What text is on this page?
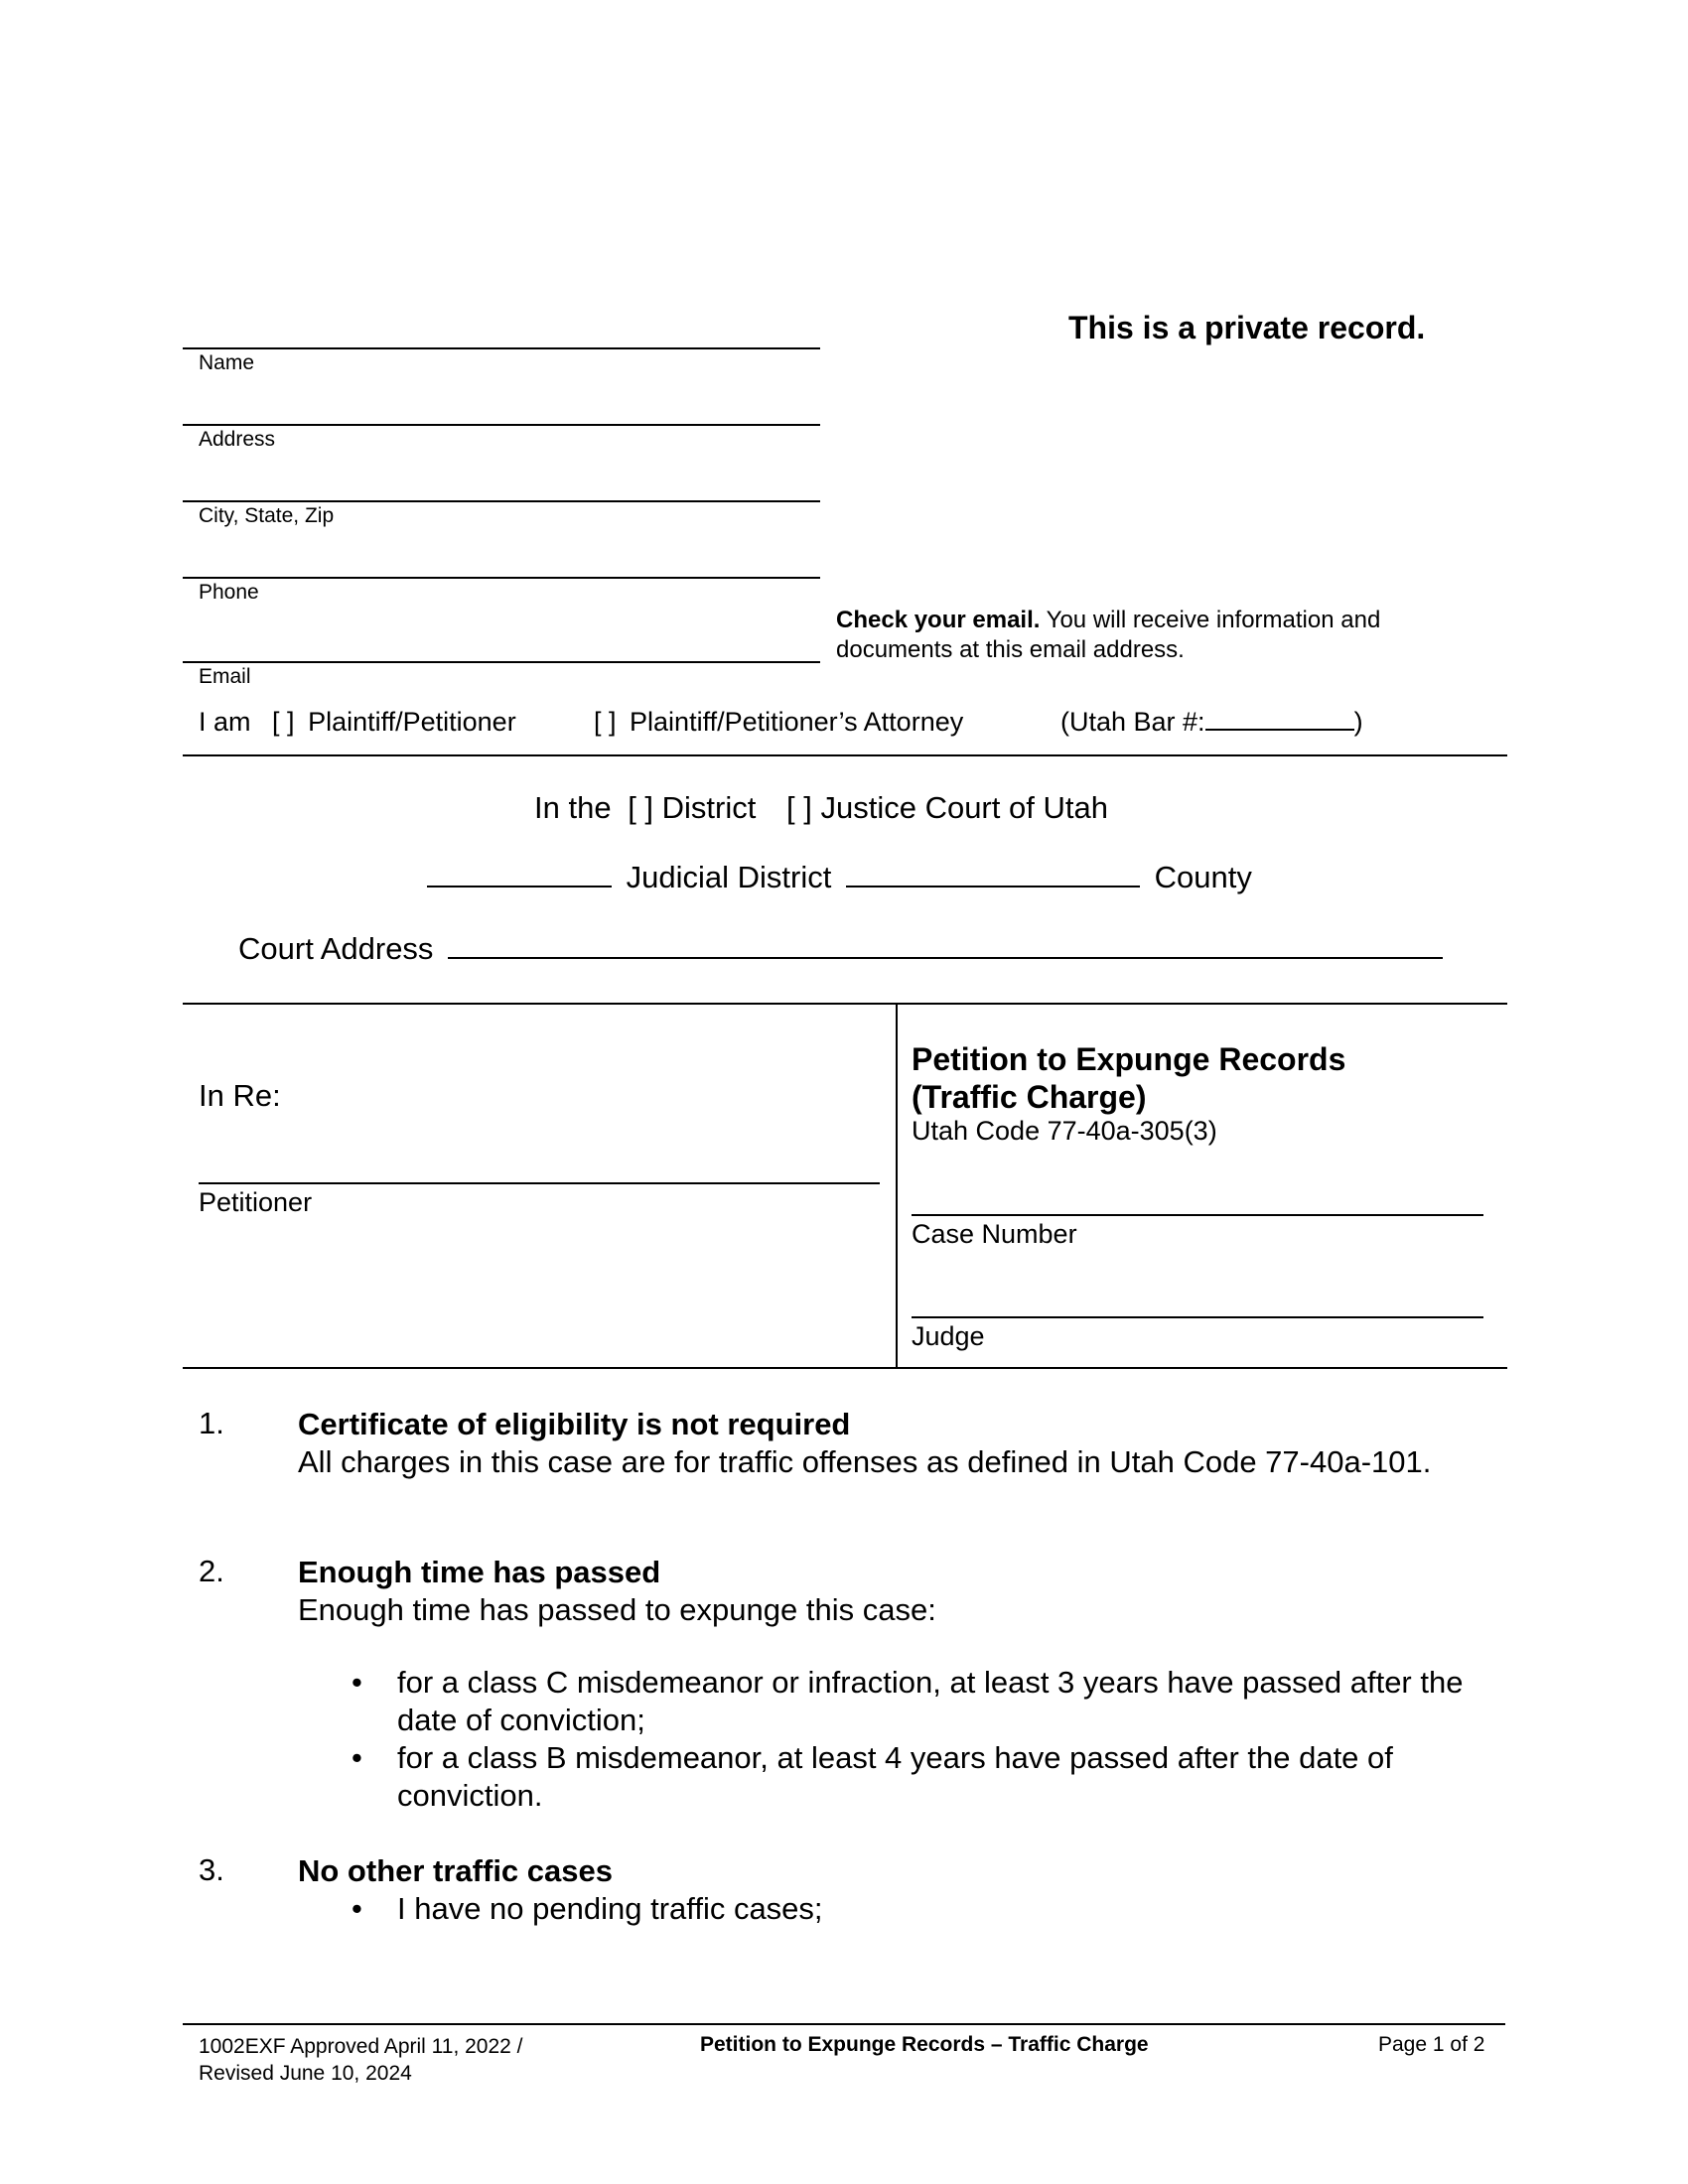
This is a private record.
Name
Address
City, State, Zip
Phone
Email
Check your email. You will receive information and documents at this email address.
I am [ ] Plaintiff/Petitioner	[ ] Plaintiff/Petitioner’s Attorney	(Utah Bar #:	)
In the [ ] District [ ] Justice Court of Utah
Judicial District	County
Court Address
In Re:
Petitioner
Petition to Expunge Records
(Traffic Charge)
Utah Code 77-40a-305(3)
Case Number
Judge
1. Certificate of eligibility is not required
All charges in this case are for traffic offenses as defined in Utah Code 77-40a-101.
2. Enough time has passed
Enough time has passed to expunge this case:
• for a class C misdemeanor or infraction, at least 3 years have passed after the date of conviction;
• for a class B misdemeanor, at least 4 years have passed after the date of conviction.
3. No other traffic cases
• I have no pending traffic cases;
1002EXF Approved April 11, 2022 /
Revised June 10, 2024
Petition to Expunge Records – Traffic Charge	Page 1 of 2
